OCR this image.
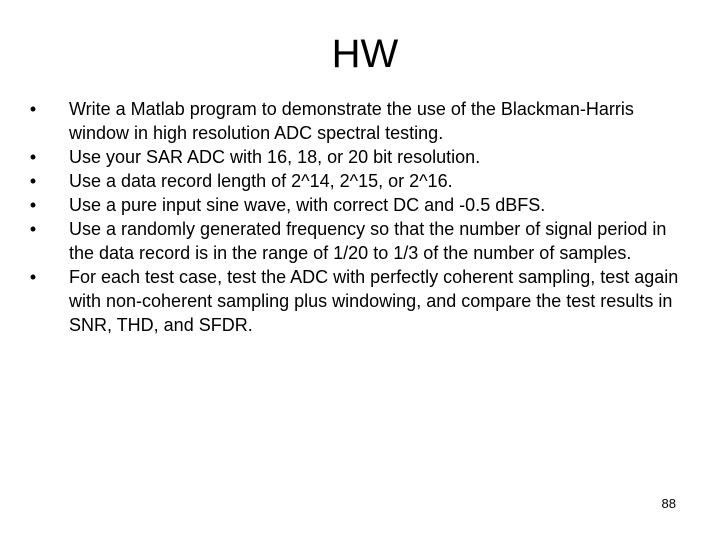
HW
• Write a Matlab program to demonstrate the use of the Blackman-Harris window in high resolution ADC spectral testing.
• Use your SAR ADC with 16, 18, or 20 bit resolution.
• Use a data record length of 2^14, 2^15, or 2^16.
• Use a pure input sine wave, with correct DC and -0.5 dBFS.
• Use a randomly generated frequency so that the number of signal period in the data record is in the range of 1/20 to 1/3 of the number of samples.
• For each test case, test the ADC with perfectly coherent sampling, test again with non-coherent sampling plus windowing, and compare the test results in SNR, THD, and SFDR.
88
